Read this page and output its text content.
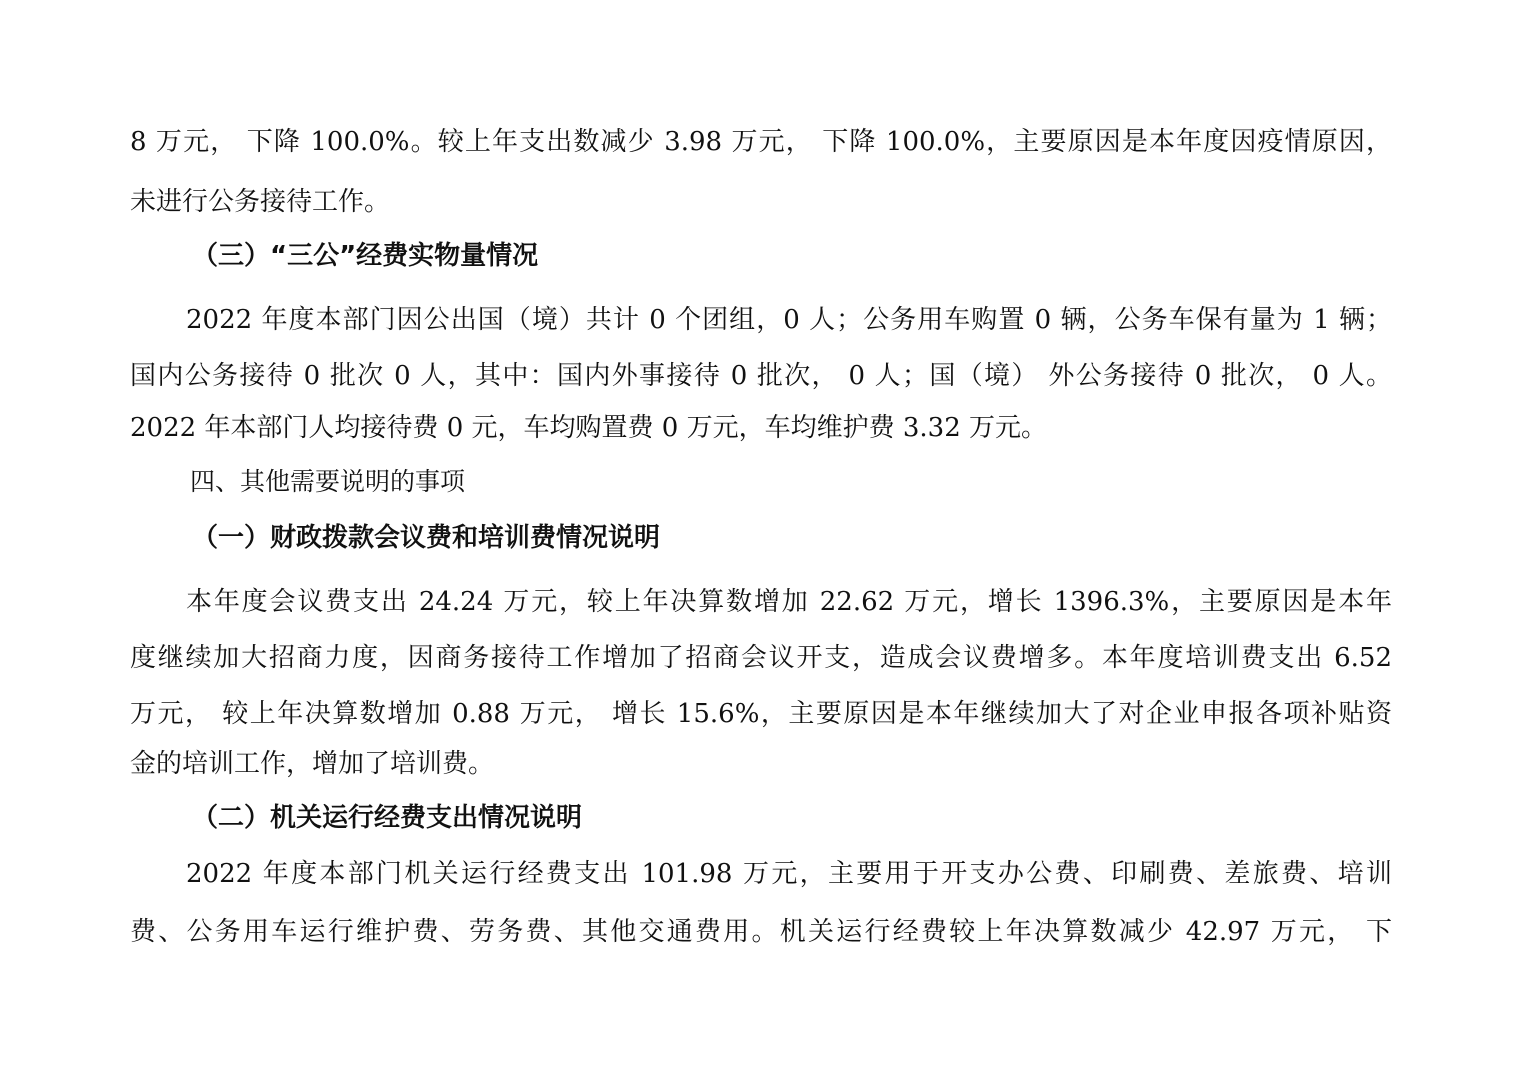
8 万元， 下降 100.0%。较上年支出数减少 3.98 万元， 下降 100.0%，主要原因是本年度因疫情原因，
未进行公务接待工作。
（三）“三公”经费实物量情况
2022 年度本部门因公出国（境）共计 0 个团组，0 人；公务用车购置 0 辆，公务车保有量为 1 辆；
国内公务接待 0 批次 0 人，其中：国内外事接待 0 批次， 0 人；国（境） 外公务接待 0 批次， 0 人。
2022 年本部门人均接待费 0 元，车均购置费 0 万元，车均维护费 3.32 万元。
四、其他需要说明的事项
（一）财政拨款会议费和培训费情况说明
本年度会议费支出 24.24 万元，较上年决算数增加 22.62 万元，增长 1396.3%，主要原因是本年
度继续加大招商力度，因商务接待工作增加了招商会议开支，造成会议费增多。本年度培训费支出 6.52
万元， 较上年决算数增加 0.88 万元， 增长 15.6%，主要原因是本年继续加大了对企业申报各项补贴资
金的培训工作，增加了培训费。
（二）机关运行经费支出情况说明
2022 年度本部门机关运行经费支出 101.98 万元，主要用于开支办公费、印刷费、差旅费、培训
费、公务用车运行维护费、劳务费、其他交通费用。机关运行经费较上年决算数减少 42.97 万元， 下
